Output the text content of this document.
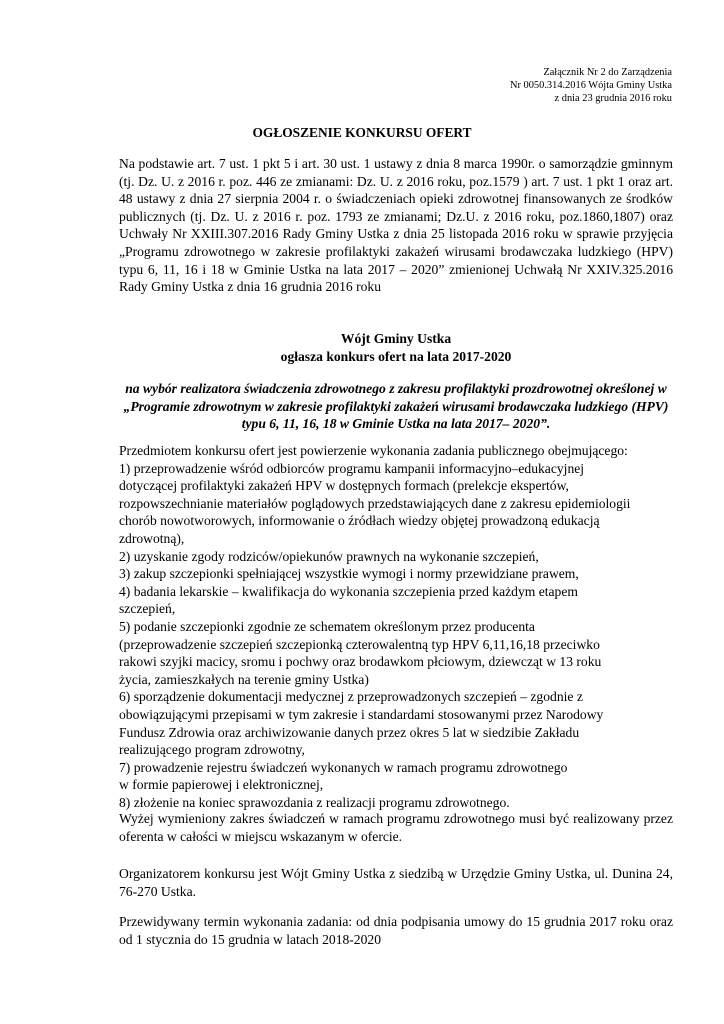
Załącznik Nr 2 do Zarządzenia
Nr 0050.314.2016 Wójta Gminy Ustka
z dnia 23 grudnia 2016 roku
OGŁOSZENIE KONKURSU OFERT
Na podstawie art. 7 ust. 1 pkt 5 i art. 30 ust. 1 ustawy z dnia 8 marca 1990r. o samorządzie gminnym (tj. Dz. U. z 2016 r. poz. 446 ze zmianami: Dz. U. z 2016 roku, poz.1579 ) art. 7 ust. 1 pkt 1 oraz art. 48 ustawy z dnia 27 sierpnia 2004 r. o świadczeniach opieki zdrowotnej finansowanych ze środków publicznych (tj. Dz. U. z 2016 r. poz. 1793 ze zmianami; Dz.U. z 2016 roku, poz.1860,1807) oraz Uchwały Nr XXIII.307.2016 Rady Gminy Ustka z dnia 25 listopada 2016 roku w sprawie przyjęcia „Programu zdrowotnego w zakresie profilaktyki zakażeń wirusami brodawczaka ludzkiego (HPV) typu 6, 11, 16 i 18 w Gminie Ustka na lata 2017 – 2020” zmienionej Uchwałą Nr XXIV.325.2016 Rady Gminy Ustka z dnia 16 grudnia 2016 roku
Wójt Gminy Ustka
ogłasza konkurs ofert na lata 2017-2020
na wybór realizatora świadczenia zdrowotnego z zakresu profilaktyki prozdrowotnej określonej w „Programie zdrowotnym w zakresie profilaktyki zakażeń wirusami brodawczaka ludzkiego (HPV) typu 6, 11, 16, 18 w Gminie Ustka na lata 2017– 2020”.
Przedmiotem konkursu ofert jest powierzenie wykonania zadania publicznego obejmującego:
1) przeprowadzenie wśród odbiorców programu kampanii informacyjno–edukacyjnej
dotyczącej profilaktyki zakażeń HPV w dostępnych formach (prelekcje ekspertów,
rozpowszechnianie materiałów poglądowych przedstawiających dane z zakresu epidemiologii
chorób nowotworowych, informowanie o źródłach wiedzy objętej prowadzoną edukacją
zdrowotną),
2) uzyskanie zgody rodziców/opiekunów prawnych na wykonanie szczepień,
3) zakup szczepionki spełniającej wszystkie wymogi i normy przewidziane prawem,
4) badania lekarskie – kwalifikacja do wykonania szczepienia przed każdym etapem
szczepień,
5) podanie szczepionki zgodnie ze schematem określonym przez producenta
(przeprowadzenie szczepień szczepionką czterowalentną typ HPV 6,11,16,18 przeciwko
rakowi szyjki macicy, sromu i pochwy oraz brodawkom płciowym, dziewcząt w 13 roku
życia, zamieszkałych na terenie gminy Ustka)
6) sporządzenie dokumentacji medycznej z przeprowadzonych szczepień – zgodnie z
obowiązującymi przepisami w tym zakresie i standardami stosowanymi przez Narodowy
Fundusz Zdrowia oraz archiwizowanie danych przez okres 5 lat w siedzibie Zakładu
realizującego program zdrowotny,
7) prowadzenie rejestru świadczeń wykonanych w ramach programu zdrowotnego
w formie papierowej i elektronicznej,
8) złożenie na koniec sprawozdania z realizacji programu zdrowotnego.
Wyżej wymieniony zakres świadczeń w ramach programu zdrowotnego musi być realizowany przez oferenta w całości w miejscu wskazanym w ofercie.
Organizatorem konkursu jest Wójt Gminy Ustka z siedzibą w Urzędzie Gminy Ustka, ul. Dunina 24, 76-270 Ustka.
Przewidywany termin wykonania zadania: od dnia podpisania umowy do 15 grudnia 2017 roku oraz od 1 stycznia do 15 grudnia w latach 2018-2020
